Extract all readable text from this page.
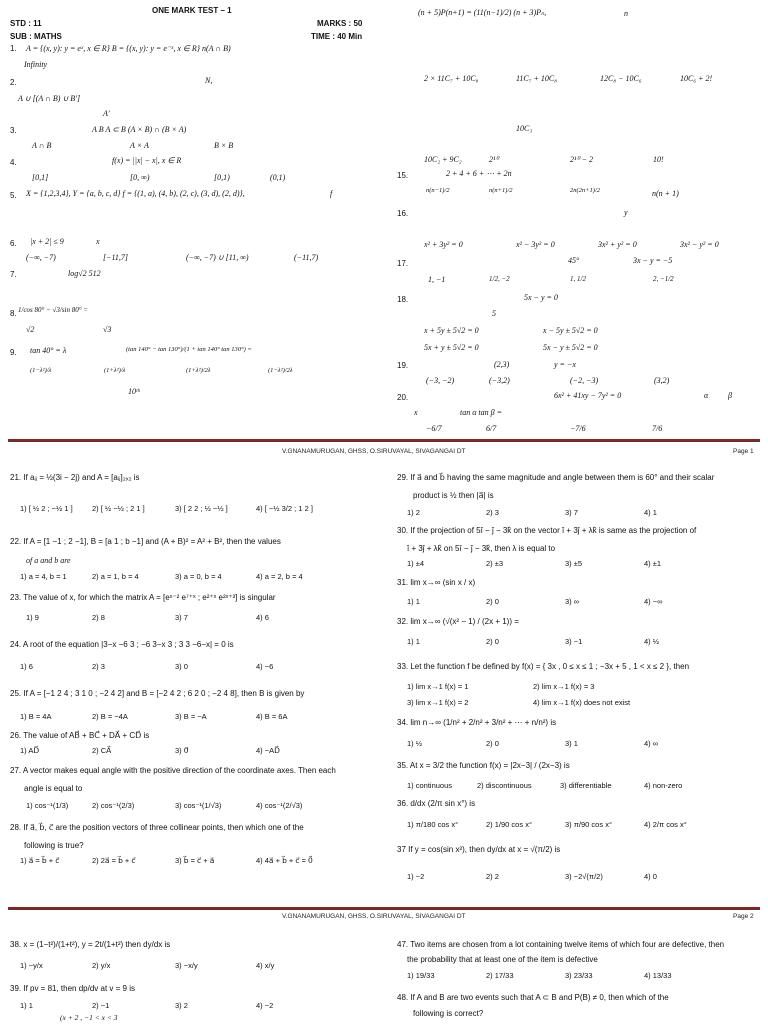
ONE MARK TEST – 1
STD : 11
SUB : MATHS
MARKS : 50
TIME : 40 Min
1. A = {(x, y): y = eˣ, x ∈ R} B = {(x, y): y = e⁻ˣ, x ∈ R} n(A ∩ B)
Infinity
2.	N,
A ∪ [(A ∩ B) ∪ B′]
A′
3.	A B A ⊂ B (A × B) ∩ (B × A)
A ∩ B	A × A	B × B
4.	f(x) = ||x| − x|, x ∈ R
[0,1]	[0, ∞)	[0,1)	(0,1)
5. X = {1,2,3,4}, Y = {a, b, c, d} f = {(1, a), (4, b), (2, c), (3, d), (2, d)},	f
6. |x + 2| ≤ 9	x
(−∞, −7)	[−11,7]	(−∞, −7) ∪ [11, ∞)	(−11,7)
7.	log√2 512
8. 1/cos 80° − √3/sin 80° =
√2	√3
9. tan 40° = λ	(tan 140° − tan 130°)/(1 + tan 140° tan 130°) =
(1−λ²)/λ	(1+λ²)/λ	(1+λ²)/2λ	(1−λ²)/2λ
10ᵗʰ
(n + 5)P(n+1) = (11(n−1)/2) (n + 3)Pₙ,	n
2 × 11C₇ + 10C₈	11C₇ + 10C₈	12C₈ − 10C₆	10C₆ + 2!
10C₃
10C₂ + 9C₂	2¹⁰	2¹⁰ − 2	10!
15.	2 + 4 + 6 + ⋯ + 2n
n(n−1)/2	n(n+1)/2	2n(2n+1)/2	n(n + 1)
16.	y
x² + 3y² = 0	x² − 3y² = 0	3x² + y² = 0	3x² − y² = 0
17.	45°	3x − y = −5
1, −1	1/2, −2	1, 1/2	2, −1/2
18.	5x − y = 0
5
x + 5y ± 5√2 = 0	x − 5y ± 5√2 = 0
5x + y ± 5√2 = 0	5x − y ± 5√2 = 0
19.	(2,3)	y = −x
(−3, −2)	(−3,2)	(−2, −3)	(3,2)
20.	6x² + 41xy − 7y² = 0	α β
x	tan α tan β =
−6/7	6/7	−7/6	7/6
V.GNANAMURUGAN, GHSS, O.SIRUVAYAL, SIVAGANGAI DT	Page 1
21. If aᵢⱼ = ½(3i − 2j) and A = [aᵢⱼ]₂ₓ₂ is
1) [ ½ 2 ; −½ 1 ]	2) [ ½ −½ ; 2 1 ]	3) [ 2 2 ; ½ −½ ]	4) [ −½ 3/2 ; 1 2 ]
22. If A = [1 −1 ; 2 −1], B = [a 1 ; b −1] and (A + B)² = A² + B², then the values
of a and b are
1) a = 4, b = 1	2) a = 1, b = 4	3) a = 0, b = 4	4) a = 2, b = 4
23. The value of x, for which the matrix A = [eˣ⁻² e⁷⁺ˣ ; e²⁺ˣ e²ˣ⁺³] is singular
1) 9	2) 8	3) 7	4) 6
24. A root of the equation |3−x −6 3 ; −6 3−x 3 ; 3 3 −6−x| = 0 is
1) 6	2) 3	3) 0	4) −6
25. If A = [−1 2 4 ; 3 1 0 ; −2 4 2] and B = [−2 4 2 ; 6 2 0 ; −2 4 8], then B is given by
1) B = 4A	2) B = −4A	3) B = −A	4) B = 6A
26. The value of AB⃗ + BC⃗ + DA⃗ + CD⃗ is
1) AD⃗	2) CA⃗	3) 0⃗	4) −AD⃗
27. A vector makes equal angle with the positive direction of the coordinate axes. Then each
angle is equal to
1) cos⁻¹(1/3)	2) cos⁻¹(2/3)	3) cos⁻¹(1/√3)	4) cos⁻¹(2/√3)
28. If a⃗, b⃗, c⃗ are the position vectors of three collinear points, then which one of the
following is true?
1) a⃗ = b⃗ + c⃗	2) 2a⃗ = b⃗ + c⃗	3) b⃗ = c⃗ + a⃗	4) 4a⃗ + b⃗ + c⃗ = 0⃗
29. If a⃗ and b⃗ having the same magnitude and angle between them is 60° and their scalar
product is ½ then |a⃗| is
1) 2	2) 3	3) 7	4) 1
30. If the projection of 5î − ĵ − 3k̂ on the vector î + 3ĵ + λk̂ is same as the projection of
î + 3ĵ + λk̂ on 5î − ĵ − 3k̂, then λ is equal to
1) ±4	2) ±3	3) ±5	4) ±1
31. lim x→∞ (sin x / x)
1) 1	2) 0	3) ∞	4) −∞
32. lim x→∞ (√(x² − 1) / (2x + 1)) =
1) 1	2) 0	3) −1	4) ½
33. Let the function f be defined by f(x) = { 3x , 0 ≤ x ≤ 1 ; −3x + 5 , 1 < x ≤ 2 }, then
1) lim x→1 f(x) = 1	2) lim x→1 f(x) = 3
3) lim x→1 f(x) = 2	4) lim x→1 f(x) does not exist
34. lim n→∞ (1/n² + 2/n² + 3/n² + ⋯ + n/n²) is
1) ½	2) 0	3) 1	4) ∞
35. At x = 3/2 the function f(x) = |2x−3| / (2x−3) is
1) continuous	2) discontinuous	3) differentiable	4) non-zero
36. d/dx (2/π sin x°) is
1) π/180 cos x°	2) 1/90 cos x°	3) π/90 cos x°	4) 2/π cos x°
37 If y = cos(sin x²), then dy/dx at x = √(π/2) is
1) −2	2) 2	3) −2√(π/2)	4) 0
V.GNANAMURUGAN, GHSS, O.SIRUVAYAL, SIVAGANGAI DT	Page 2
38. x = (1−t²)/(1+t²), y = 2t/(1+t²) then dy/dx is
1) −y/x	2) y/x	3) −x/y	4) x/y
39. If pv = 81, then dp/dv at v = 9 is
1) 1	2) −1	3) 2	4) −2
(x + 2 , −1 < x < 3
47. Two items are chosen from a lot containing twelve items of which four are defective, then
the probability that at least one of the item is defective
1) 19/33	2) 17/33	3) 23/33	4) 13/33
48. If A and B are two events such that A ⊂ B and P(B) ≠ 0, then which of the
following is correct?
